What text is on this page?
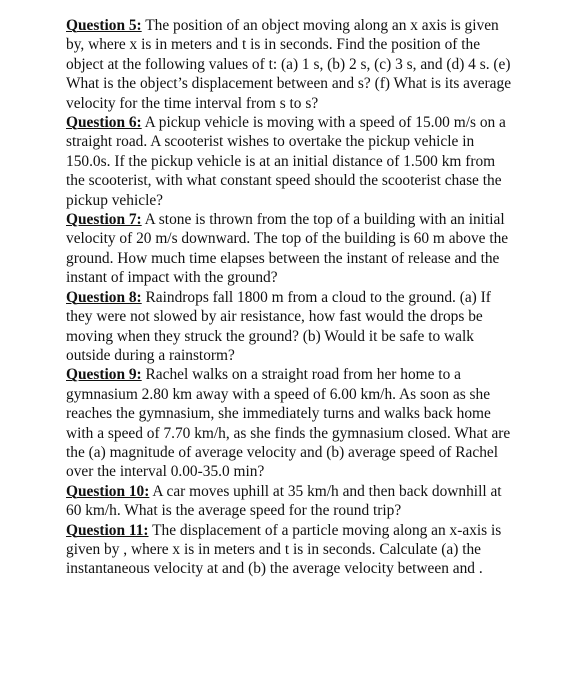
Question 5: The position of an object moving along an x axis is given by, where x is in meters and t is in seconds. Find the position of the object at the following values of t: (a) 1 s, (b) 2 s, (c) 3 s, and (d) 4 s. (e) What is the object’s displacement between and s? (f) What is its average velocity for the time interval from s to s?

Question 6: A pickup vehicle is moving with a speed of 15.00 m/s on a straight road. A scooterist wishes to overtake the pickup vehicle in 150.0s. If the pickup vehicle is at an initial distance of 1.500 km from the scooterist, with what constant speed should the scooterist chase the pickup vehicle?

Question 7: A stone is thrown from the top of a building with an initial velocity of 20 m/s downward. The top of the building is 60 m above the ground. How much time elapses between the instant of release and the instant of impact with the ground?

Question 8: Raindrops fall 1800 m from a cloud to the ground. (a) If they were not slowed by air resistance, how fast would the drops be moving when they struck the ground? (b) Would it be safe to walk outside during a rainstorm?

Question 9: Rachel walks on a straight road from her home to a gymnasium 2.80 km away with a speed of 6.00 km/h. As soon as she reaches the gymnasium, she immediately turns and walks back home with a speed of 7.70 km/h, as she finds the gymnasium closed. What are the (a) magnitude of average velocity and (b) average speed of Rachel over the interval 0.00-35.0 min?

Question 10: A car moves uphill at 35 km/h and then back downhill at 60 km/h. What is the average speed for the round trip?

Question 11: The displacement of a particle moving along an x-axis is given by , where x is in meters and t is in seconds. Calculate (a) the instantaneous velocity at and (b) the average velocity between and .
